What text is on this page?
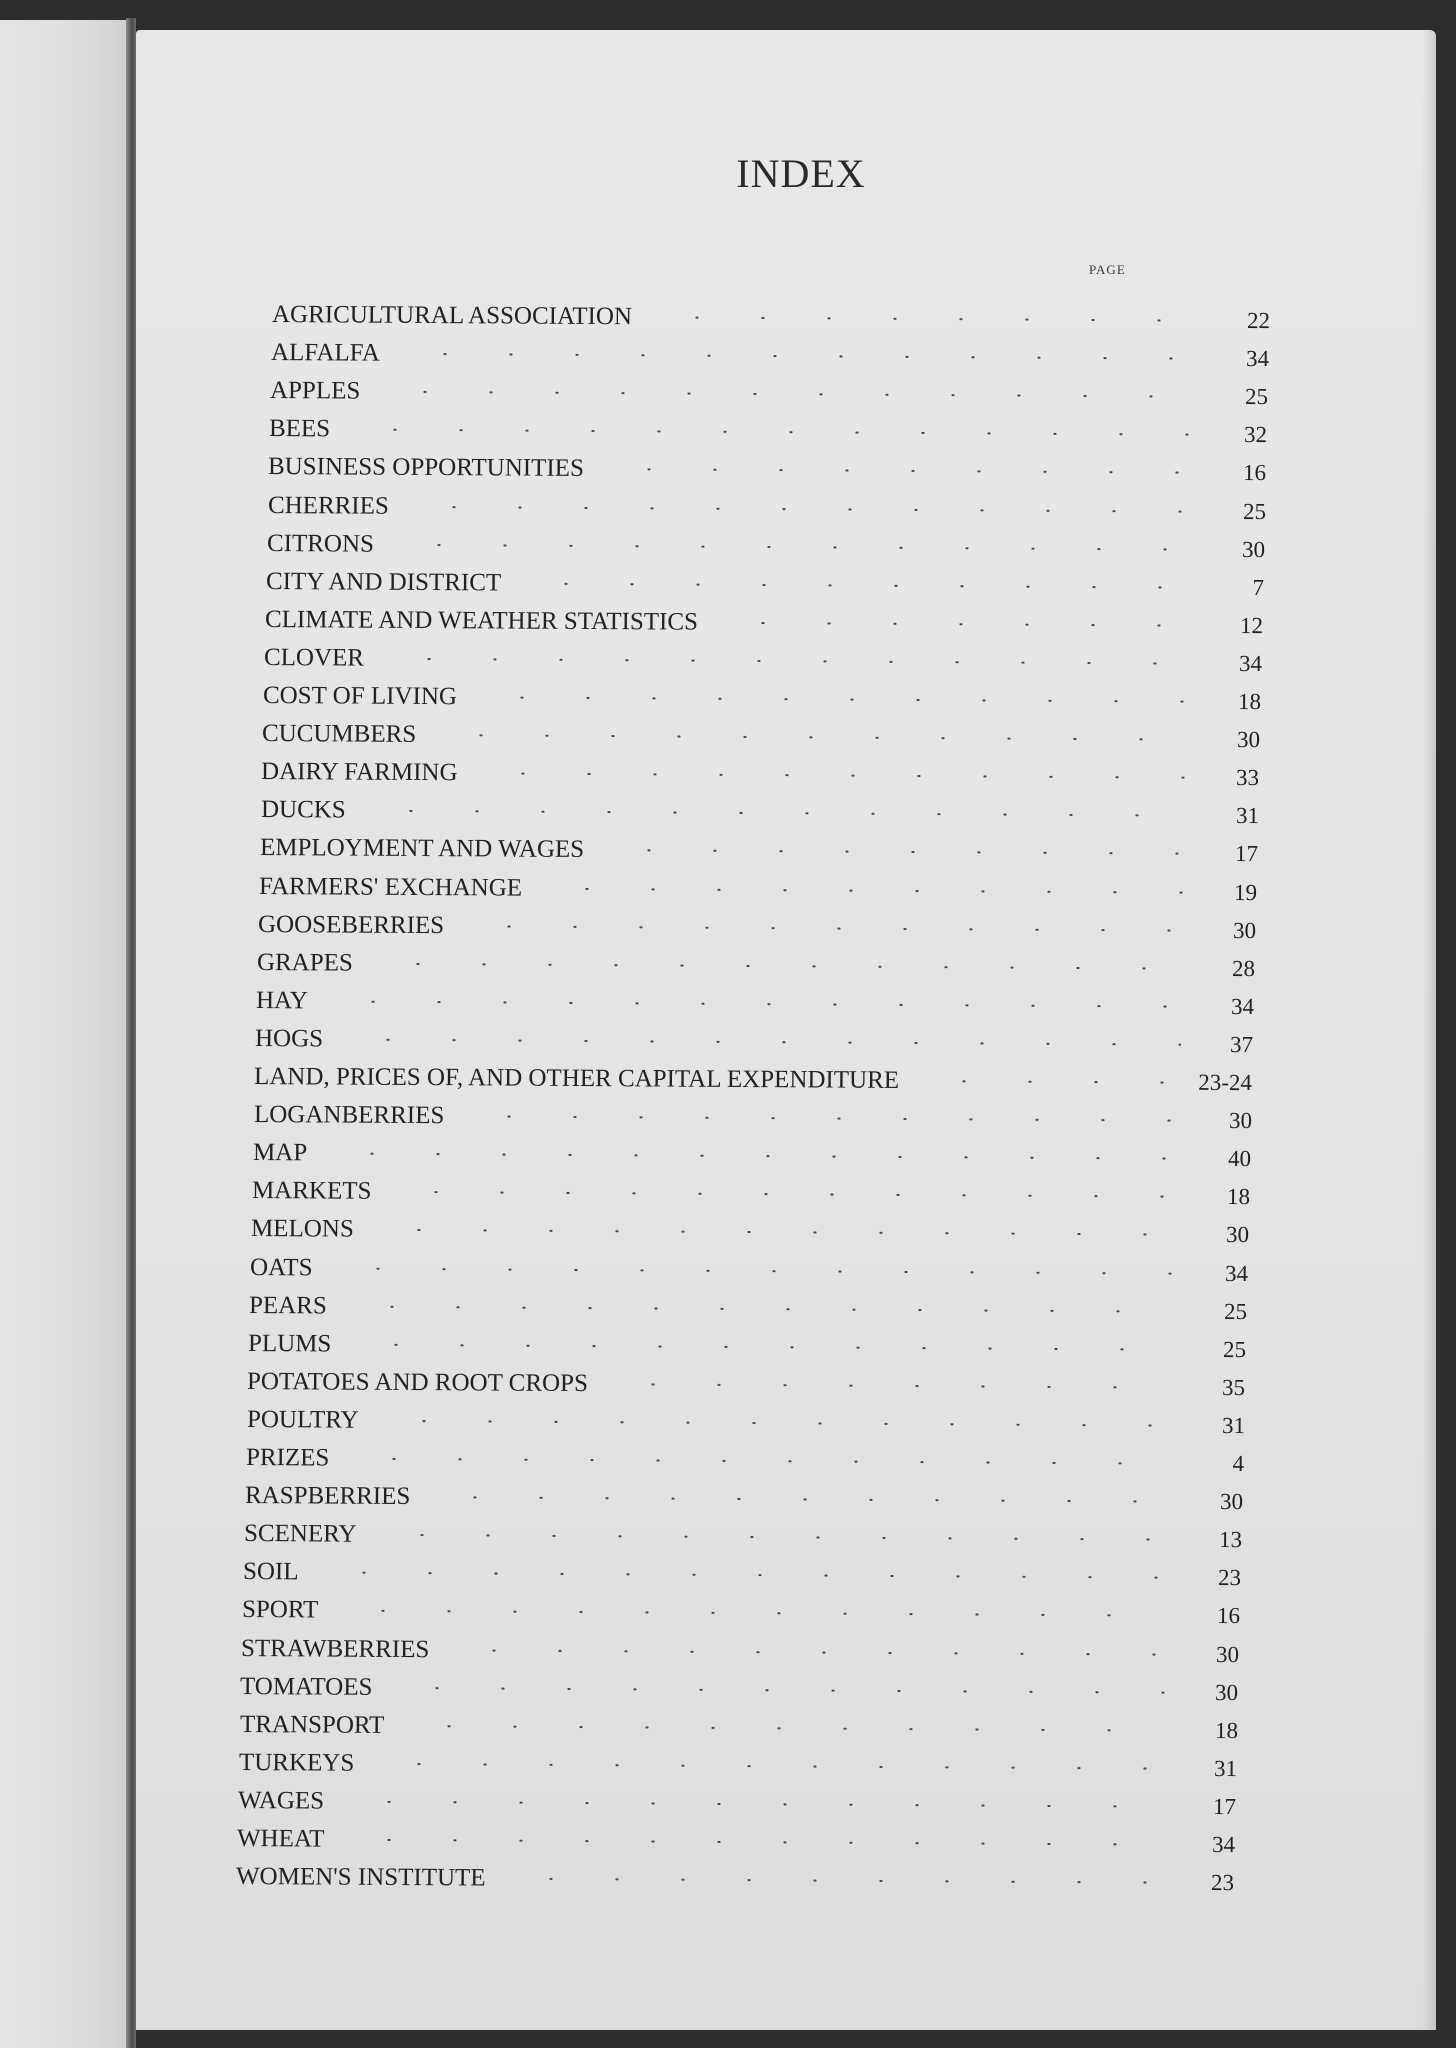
INDEX
PAGE
AGRICULTURAL ASSOCIATION	22
ALFALFA	34
APPLES	25
BEES	32
BUSINESS OPPORTUNITIES	16
CHERRIES	25
CITRONS	30
CITY AND DISTRICT	7
CLIMATE AND WEATHER STATISTICS	12
CLOVER	34
COST OF LIVING	18
CUCUMBERS	30
DAIRY FARMING	33
DUCKS	31
EMPLOYMENT AND WAGES	17
FARMERS' EXCHANGE	19
GOOSEBERRIES	30
GRAPES	28
HAY	34
HOGS	37
LAND, PRICES OF, AND OTHER CAPITAL EXPENDITURE	23-24
LOGANBERRIES	30
MAP	40
MARKETS	18
MELONS	30
OATS	34
PEARS	25
PLUMS	25
POTATOES AND ROOT CROPS	35
POULTRY	31
PRIZES	4
RASPBERRIES	30
SCENERY	13
SOIL	23
SPORT	16
STRAWBERRIES	30
TOMATOES	30
TRANSPORT	18
TURKEYS	31
WAGES	17
WHEAT	34
WOMEN'S INSTITUTE	23
